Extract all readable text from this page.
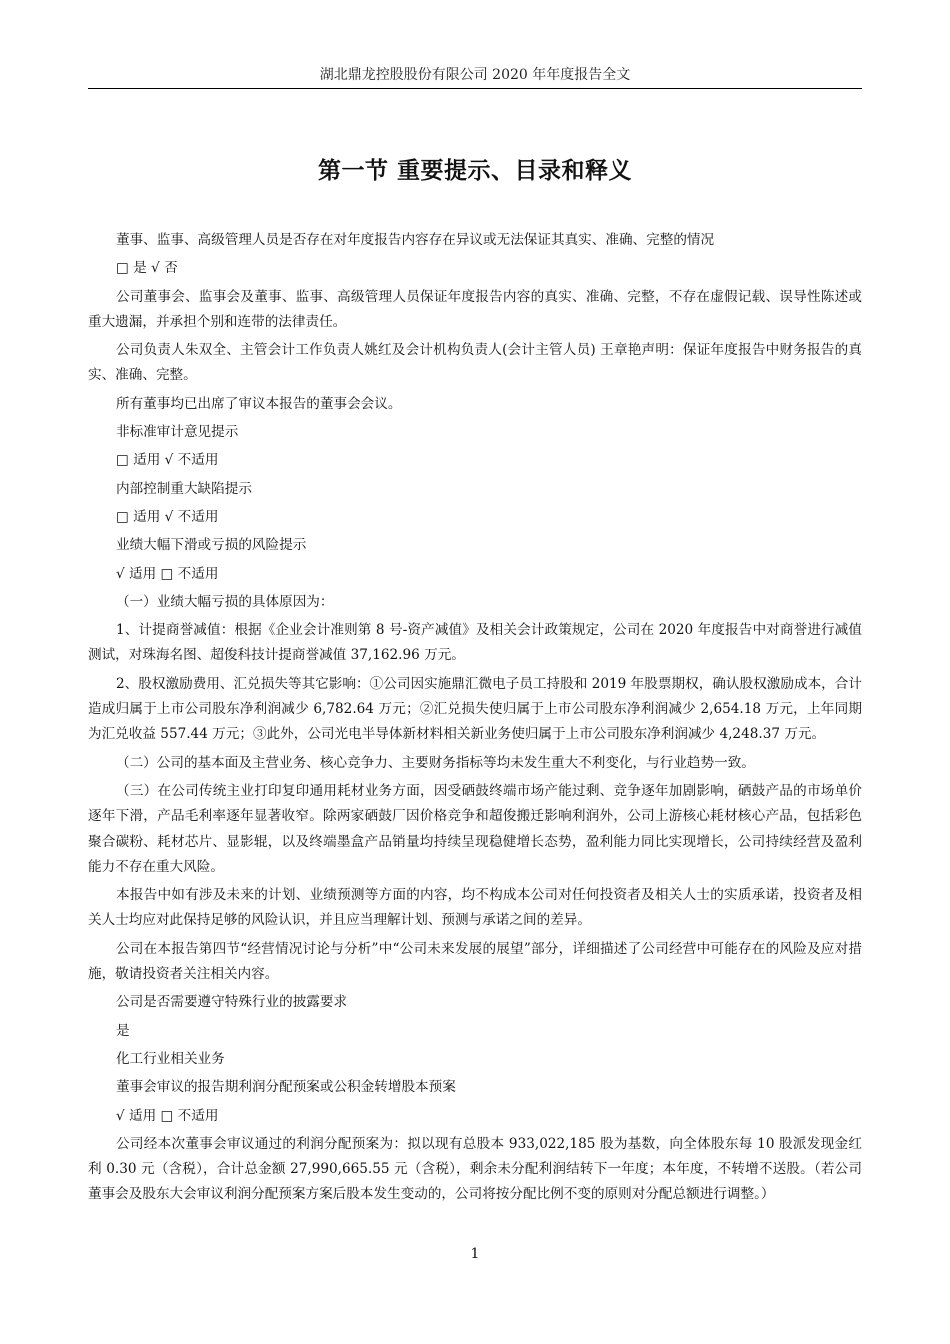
湖北鼎龙控股股份有限公司 2020 年年度报告全文
第一节 重要提示、目录和释义

董事、监事、高级管理人员是否存在对年度报告内容存在异议或无法保证其真实、准确、完整的情况

□ 是 √ 否

公司董事会、监事会及董事、监事、高级管理人员保证年度报告内容的真实、准确、完整，不存在虚假记载、误导性陈述或重大遗漏，并承担个别和连带的法律责任。

公司负责人朱双全、主管会计工作负责人姚红及会计机构负责人(会计主管人员) 王章艳声明：保证年度报告中财务报告的真实、准确、完整。

所有董事均已出席了审议本报告的董事会会议。

非标准审计意见提示

□ 适用 √ 不适用

内部控制重大缺陷提示

□ 适用 √ 不适用

业绩大幅下滑或亏损的风险提示

√ 适用 □ 不适用

（一）业绩大幅亏损的具体原因为：

1、计提商誉减值：根据《企业会计准则第 8 号-资产减值》及相关会计政策规定，公司在 2020 年度报告中对商誉进行减值测试，对珠海名图、超俊科技计提商誉减值 37,162.96 万元。

2、股权激励费用、汇兑损失等其它影响：①公司因实施鼎汇微电子员工持股和 2019 年股票期权，确认股权激励成本，合计造成归属于上市公司股东净利润减少 6,782.64 万元；②汇兑损失使归属于上市公司股东净利润减少 2,654.18 万元，上年同期为汇兑收益 557.44 万元；③此外，公司光电半导体新材料相关新业务使归属于上市公司股东净利润减少 4,248.37 万元。

（二）公司的基本面及主营业务、核心竞争力、主要财务指标等均未发生重大不利变化，与行业趋势一致。

（三）在公司传统主业打印复印通用耗材业务方面，因受硒鼓终端市场产能过剩、竞争逐年加剧影响，硒鼓产品的市场单价逐年下滑，产品毛利率逐年显著收窄。除两家硒鼓厂因价格竞争和超俊搬迁影响利润外，公司上游核心耗材核心产品，包括彩色聚合碳粉、耗材芯片、显影辊，以及终端墨盒产品销量均持续呈现稳健增长态势，盈利能力同比实现增长，公司持续经营及盈利能力不存在重大风险。

本报告中如有涉及未来的计划、业绩预测等方面的内容，均不构成本公司对任何投资者及相关人士的实质承诺，投资者及相关人士均应对此保持足够的风险认识，并且应当理解计划、预测与承诺之间的差异。

公司在本报告第四节“经营情况讨论与分析”中“公司未来发展的展望”部分，详细描述了公司经营中可能存在的风险及应对措施，敬请投资者关注相关内容。

公司是否需要遵守特殊行业的披露要求

是

化工行业相关业务

董事会审议的报告期利润分配预案或公积金转增股本预案

√ 适用 □ 不适用

公司经本次董事会审议通过的利润分配预案为：拟以现有总股本 933,022,185 股为基数，向全体股东每 10 股派发现金红利 0.30 元（含税），合计总金额 27,990,665.55 元（含税），剩余未分配利润结转下一年度；本年度，不转增不送股。（若公司董事会及股东大会审议利润分配预案方案后股本发生变动的，公司将按分配比例不变的原则对分配总额进行调整。）

1
